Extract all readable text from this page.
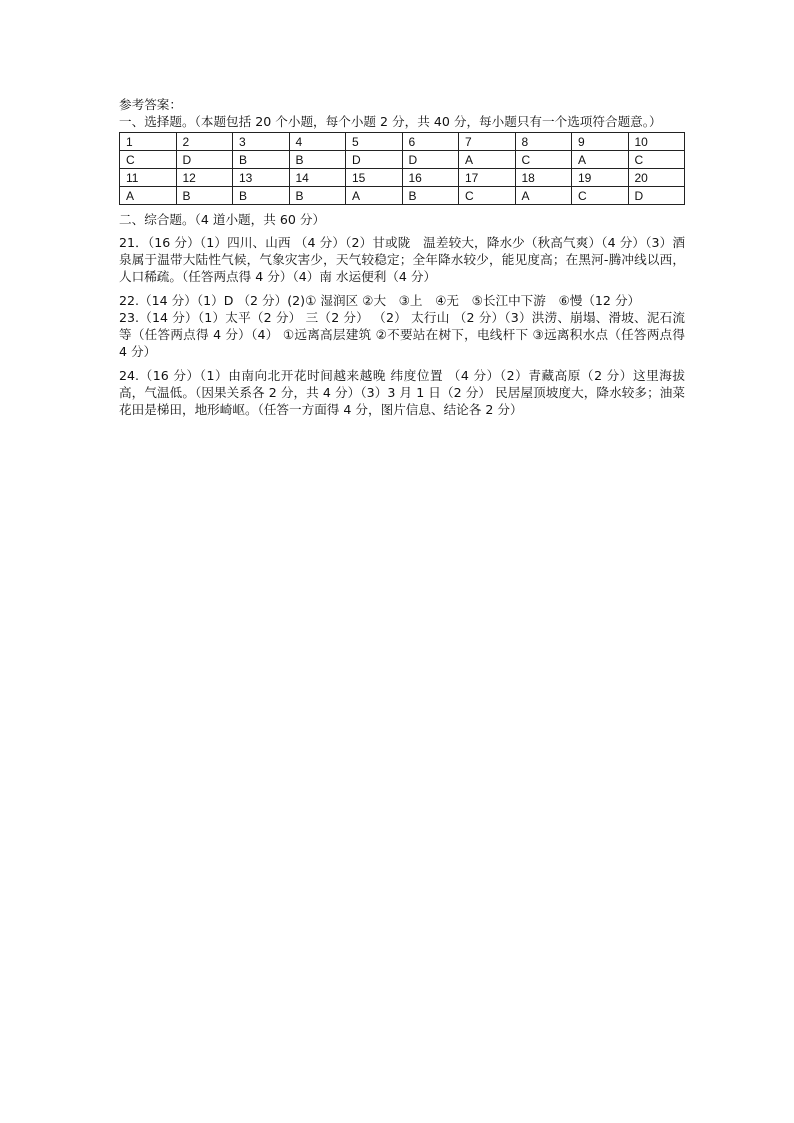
参考答案：
一、选择题。（本题包括 20 个小题，每个小题 2 分，共 40 分，每小题只有一个选项符合题意。）
1	2	3	4	5	6	7	8	9	10
C	D	B	B	D	D	A	C	A	C
11	12	13	14	15	16	17	18	19	20
A	B	B	B	A	B	C	A	C	D
二、综合题。（4 道小题，共 60 分）

21．（16 分）（1）四川、山西 （4 分）（2）甘或陇　温差较大，降水少（秋高气爽）（4 分）（3）酒泉属于温带大陆性气候，气象灾害少，天气较稳定；全年降水较少，能见度高；在黑河-腾冲线以西，人口稀疏。（任答两点得 4 分）（4）南 水运便利（4 分）

22.（14 分）（1）D （2 分）(2)① 湿润区 ②大　③上　④无　⑤长江中下游　⑥慢（12 分）

23.（14 分）（1）太平（2 分） 三（2 分） （2） 太行山 （2 分）（3）洪涝、崩塌、滑坡、泥石流等（任答两点得 4 分）（4） ①远离高层建筑 ②不要站在树下，电线杆下 ③远离积水点（任答两点得 4 分）

24.（16 分）（1）由南向北开花时间越来越晚 纬度位置 （4 分）（2）青藏高原（2 分）这里海拔高，气温低。（因果关系各 2 分，共 4 分）（3）3 月 1 日（2 分） 民居屋顶坡度大，降水较多；油菜花田是梯田，地形崎岖。（任答一方面得 4 分，图片信息、结论各 2 分）
